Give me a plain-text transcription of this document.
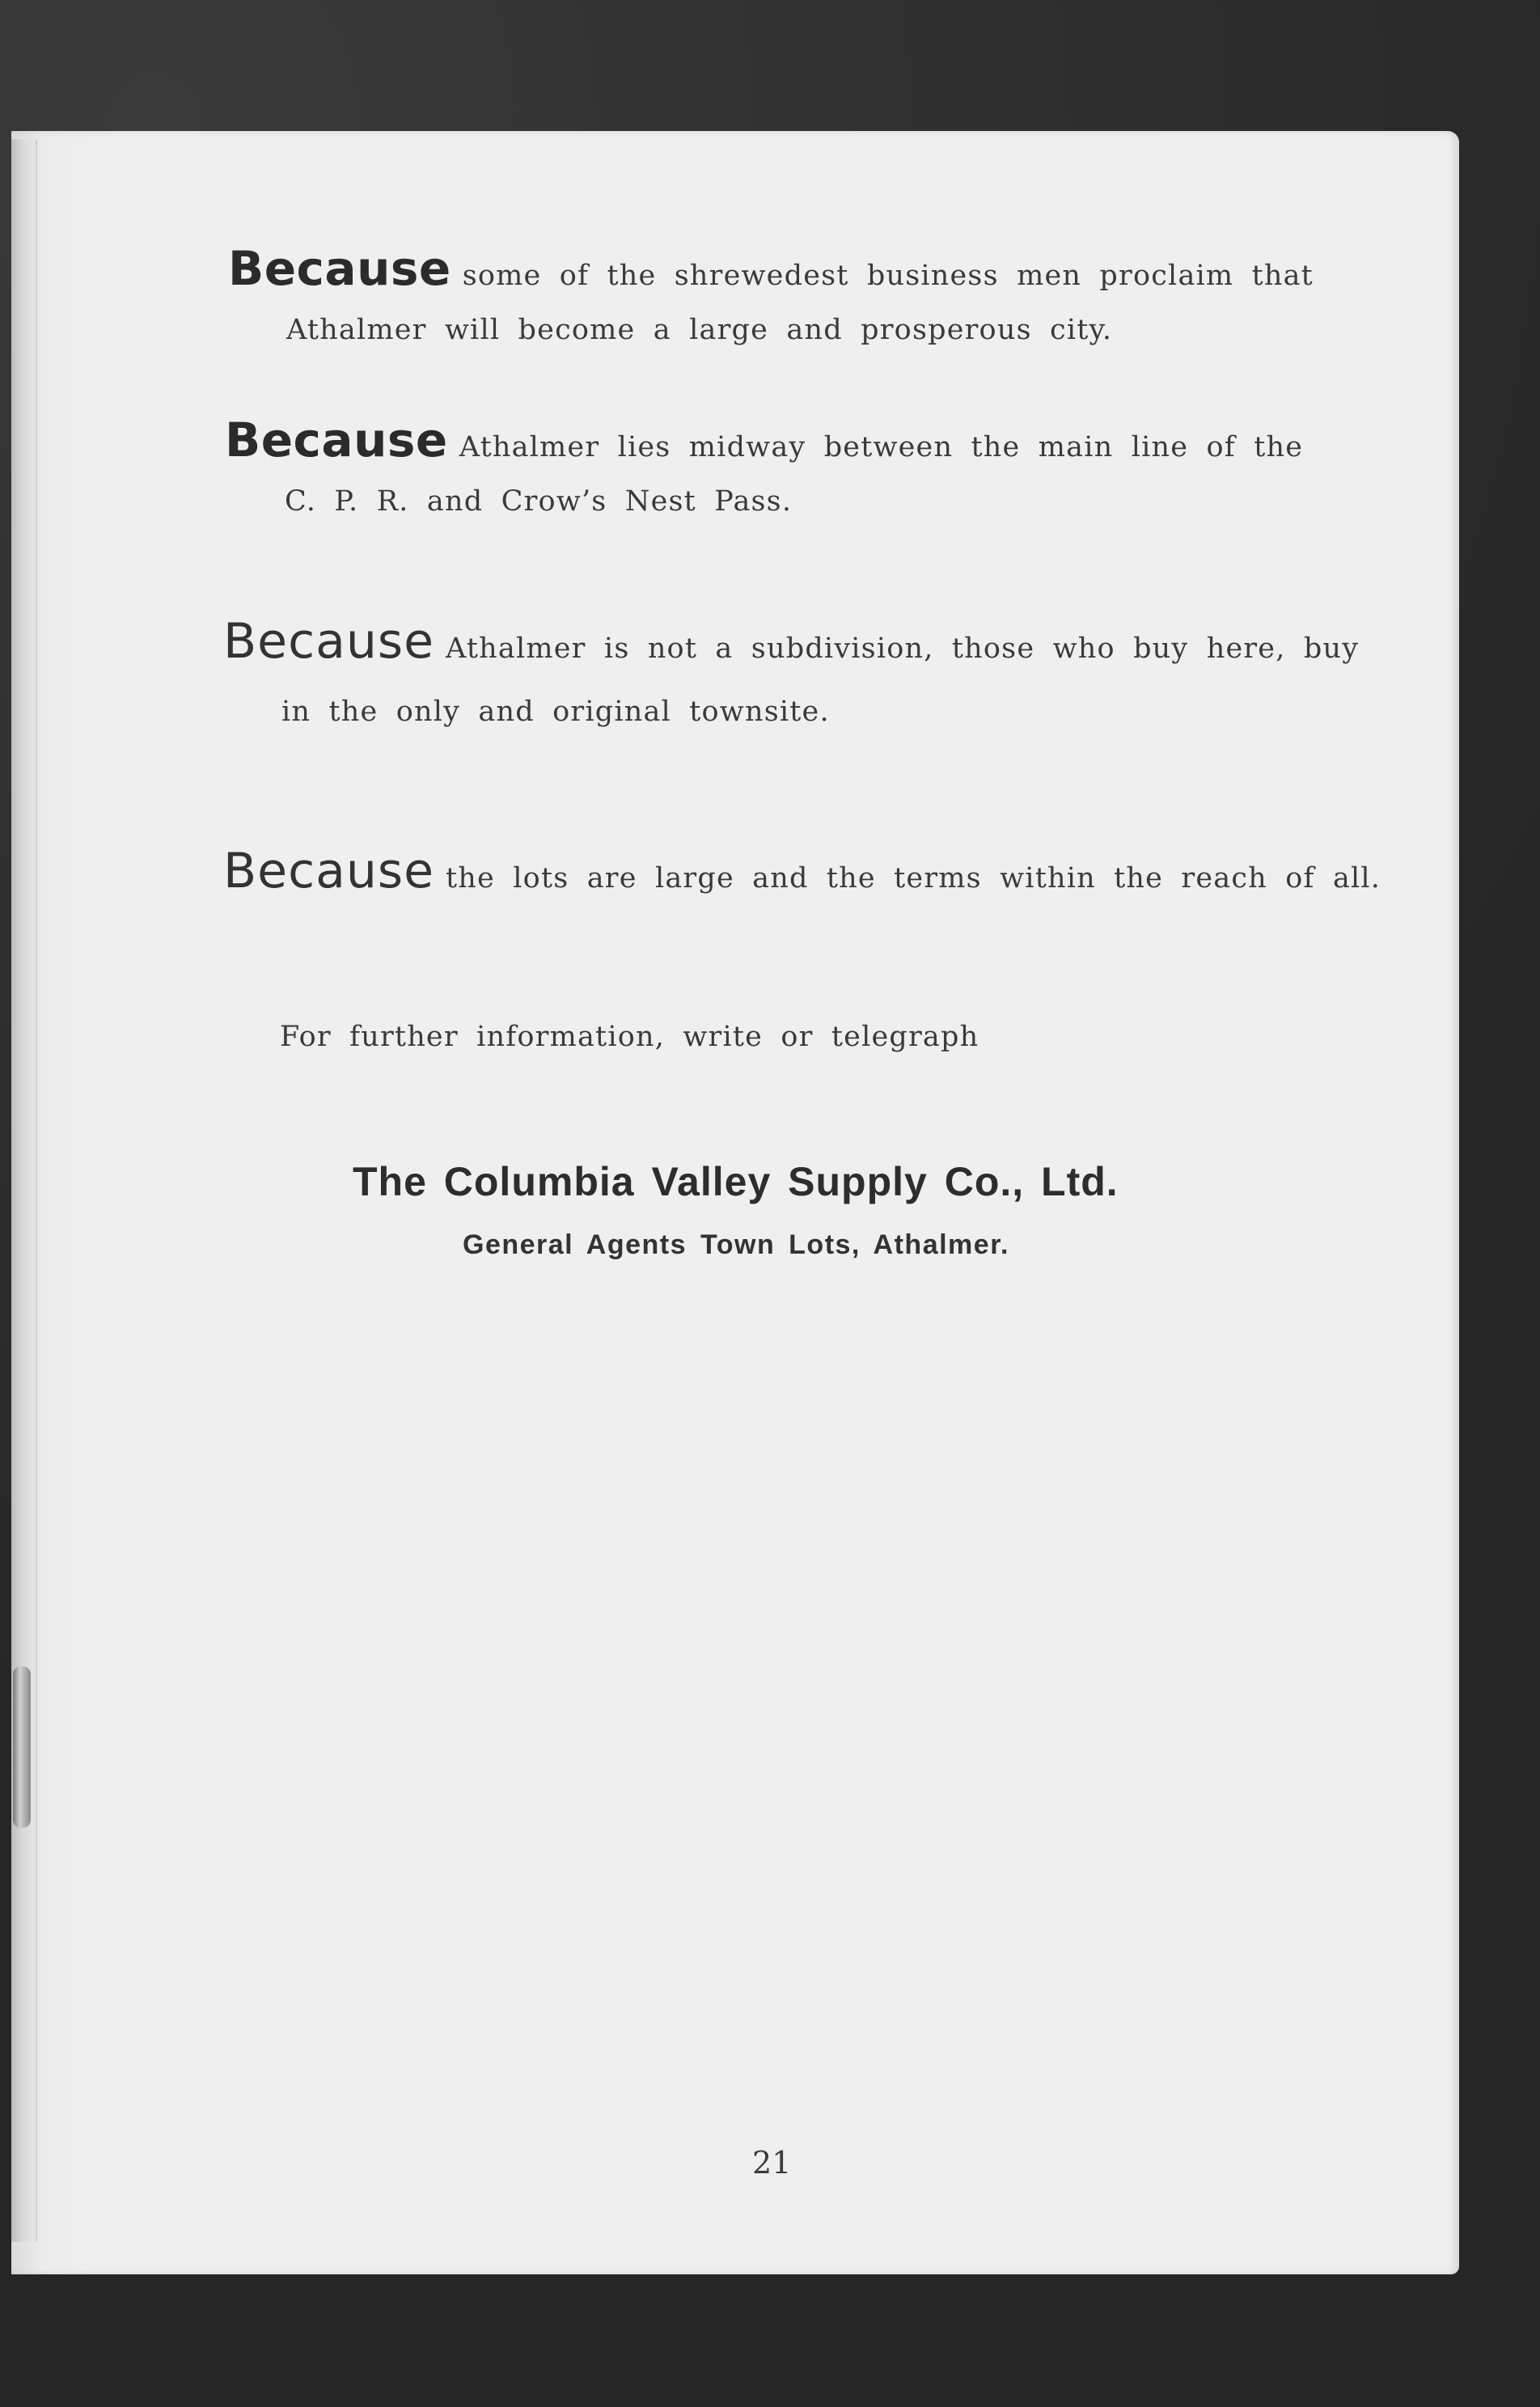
Because some of the shrewedest business men proclaim that

Athalmer will become a large and prosperous city.

Because Athalmer lies midway between the main line of the

C. P. R. and Crow’s Nest Pass.

Because Athalmer is not a subdivision, those who buy here, buy

in the only and original townsite.

Because the lots are large and the terms within the reach of all.

For further information, write or telegraph

The Columbia Valley Supply Co., Ltd.

General Agents Town Lots, Athalmer.

21
